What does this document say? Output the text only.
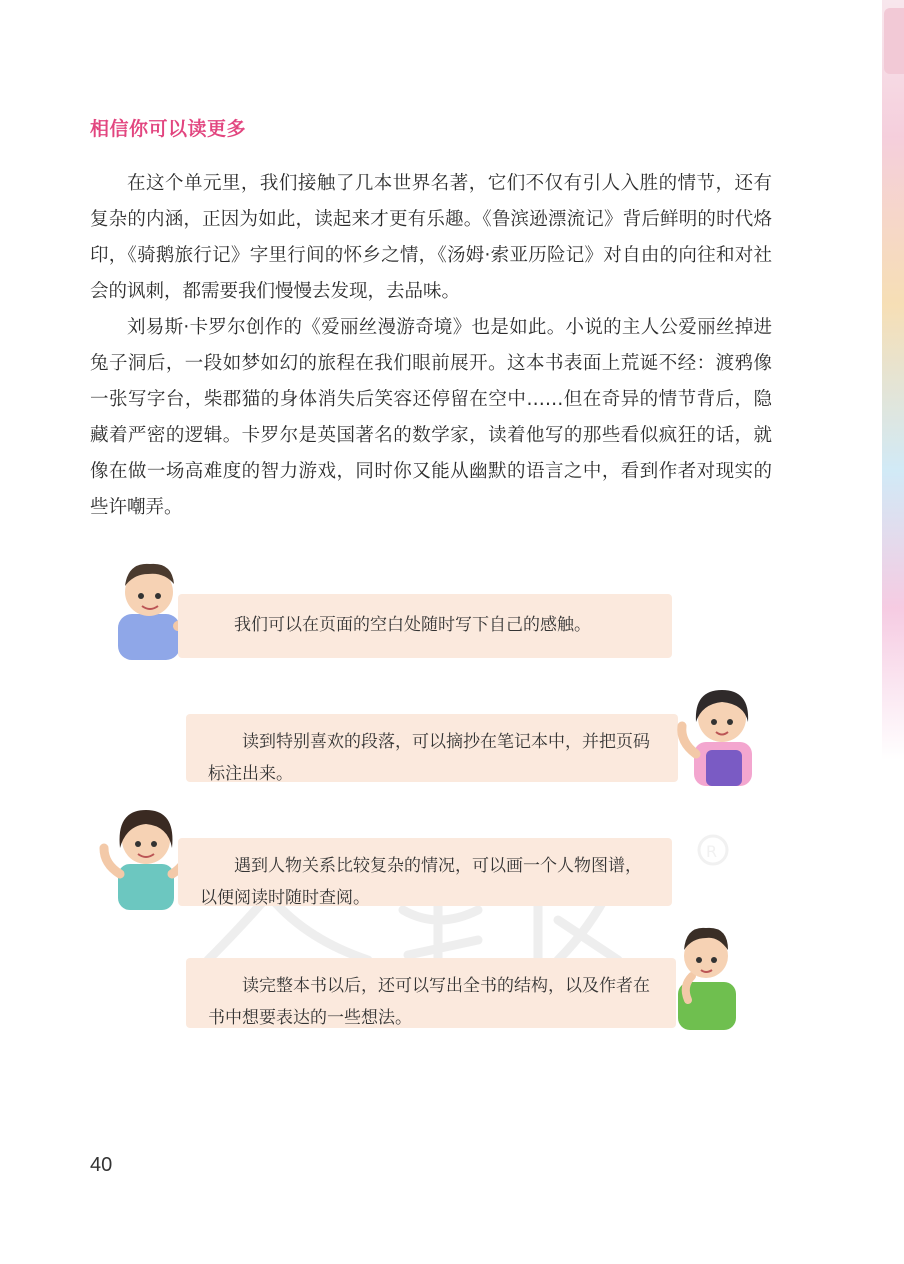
相信你可以读更多

在这个单元里，我们接触了几本世界名著，它们不仅有引人入胜的情节，还有复杂的内涵，正因为如此，读起来才更有乐趣。《鲁滨逊漂流记》背后鲜明的时代烙印，《骑鹅旅行记》字里行间的怀乡之情，《汤姆·索亚历险记》对自由的向往和对社会的讽刺，都需要我们慢慢去发现，去品味。

刘易斯·卡罗尔创作的《爱丽丝漫游奇境》也是如此。小说的主人公爱丽丝掉进兔子洞后，一段如梦如幻的旅程在我们眼前展开。这本书表面上荒诞不经：渡鸦像一张写字台，柴郡猫的身体消失后笑容还停留在空中……但在奇异的情节背后，隐藏着严密的逻辑。卡罗尔是英国著名的数学家，读着他写的那些看似疯狂的话，就像在做一场高难度的智力游戏，同时你又能从幽默的语言之中，看到作者对现实的些许嘲弄。

R
我们可以在页面的空白处随时写下自己的感触。
读到特别喜欢的段落，可以摘抄在笔记本中，并把页码标注出来。
遇到人物关系比较复杂的情况，可以画一个人物图谱，以便阅读时随时查阅。
读完整本书以后，还可以写出全书的结构，以及作者在书中想要表达的一些想法。
40
